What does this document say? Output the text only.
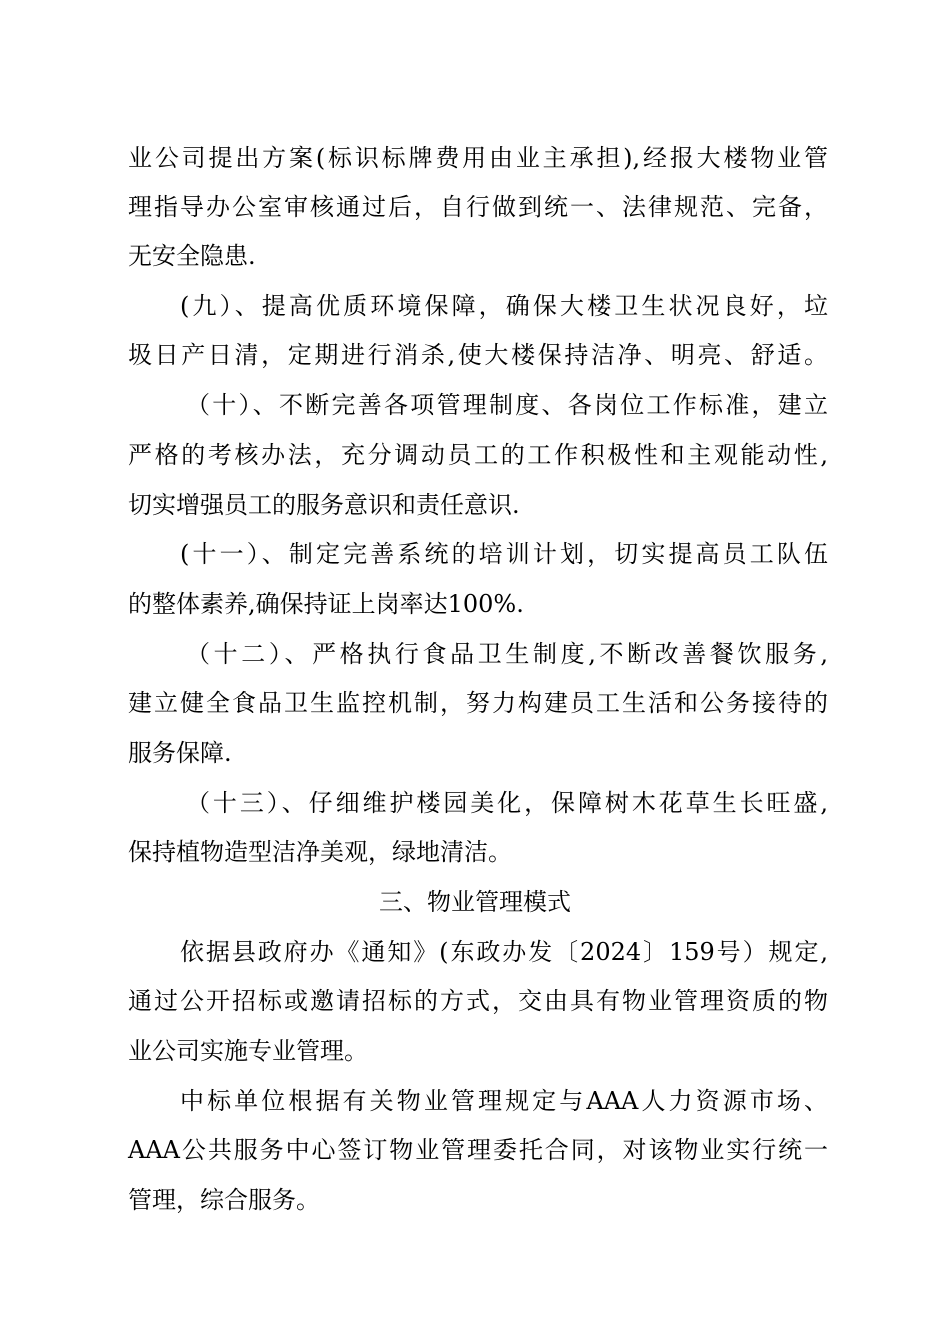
业公司提出方案(标识标牌费用由业主承担),经报大楼物业管
理指导办公室审核通过后，自行做到统一、法律规范、完备，
无安全隐患.
(九）、提高优质环境保障，确保大楼卫生状况良好，垃
圾日产日清，定期进行消杀,使大楼保持洁净、明亮、舒适。
（十）、不断完善各项管理制度、各岗位工作标准，建立
严格的考核办法，充分调动员工的工作积极性和主观能动性,
切实增强员工的服务意识和责任意识.
(十一）、制定完善系统的培训计划，切实提高员工队伍
的整体素养,确保持证上岗率达100%.
（十二）、严格执行食品卫生制度,不断改善餐饮服务,
建立健全食品卫生监控机制，努力构建员工生活和公务接待的
服务保障.
（十三）、仔细维护楼园美化，保障树木花草生长旺盛,
保持植物造型洁净美观，绿地清洁。
三、物业管理模式
依据县政府办《通知》(东政办发〔2024〕159号）规定,
通过公开招标或邀请招标的方式，交由具有物业管理资质的物
业公司实施专业管理。
中标单位根据有关物业管理规定与AAA人力资源市场、
AAA公共服务中心签订物业管理委托合同，对该物业实行统一
管理，综合服务。
